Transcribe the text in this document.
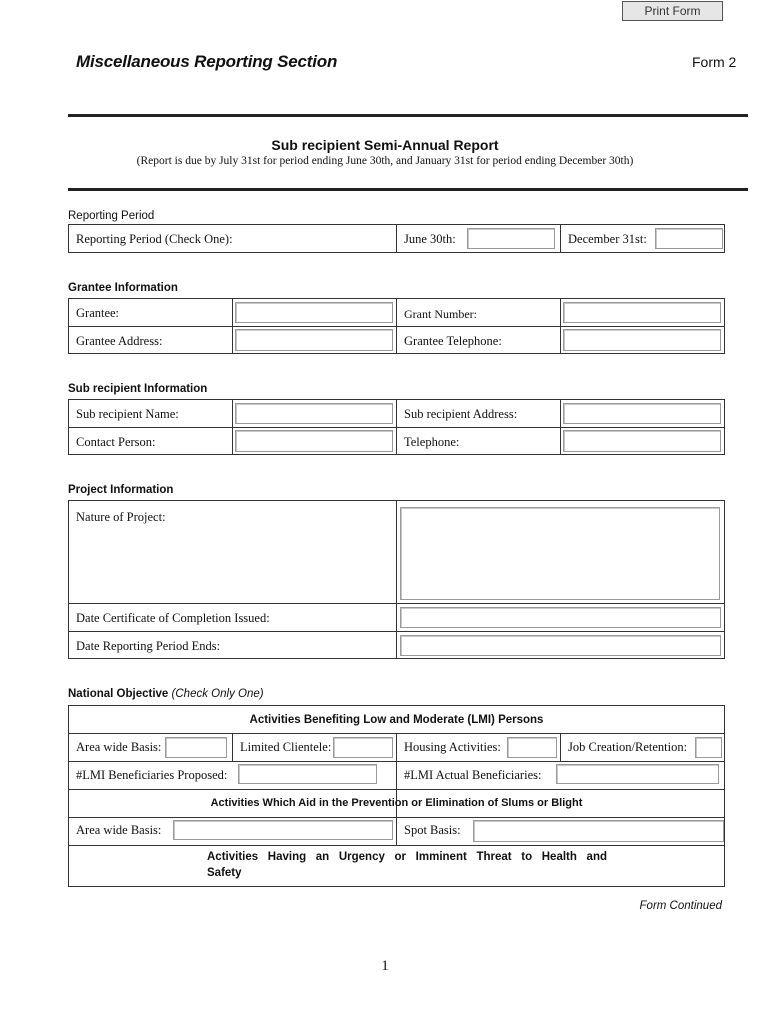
Print Form
Miscellaneous Reporting Section	Form 2
Sub recipient Semi-Annual Report
(Report is due by July 31st for period ending June 30th, and January 31st for period ending December 30th)
Reporting Period
Reporting Period (Check One):	June 30th:	December 31st:
Grantee Information
Grantee:	Grant Number:
Grantee Address:	Grantee Telephone:
Sub recipient Information
Sub recipient Name:	Sub recipient Address:
Contact Person:	Telephone:
Project Information
Nature of Project:
Date Certificate of Completion Issued:
Date Reporting Period Ends:
National Objective (Check Only One)
Activities Benefiting Low and Moderate (LMI) Persons
Area wide Basis:	Limited Clientele:	Housing Activities:	Job Creation/Retention:
#LMI Beneficiaries Proposed:	#LMI Actual Beneficiaries:
Activities Which Aid in the Prevention or Elimination of Slums or Blight
Area wide Basis:	Spot Basis:
Activities Having an Urgency or Imminent Threat to Health and Safety
Form Continued
1
